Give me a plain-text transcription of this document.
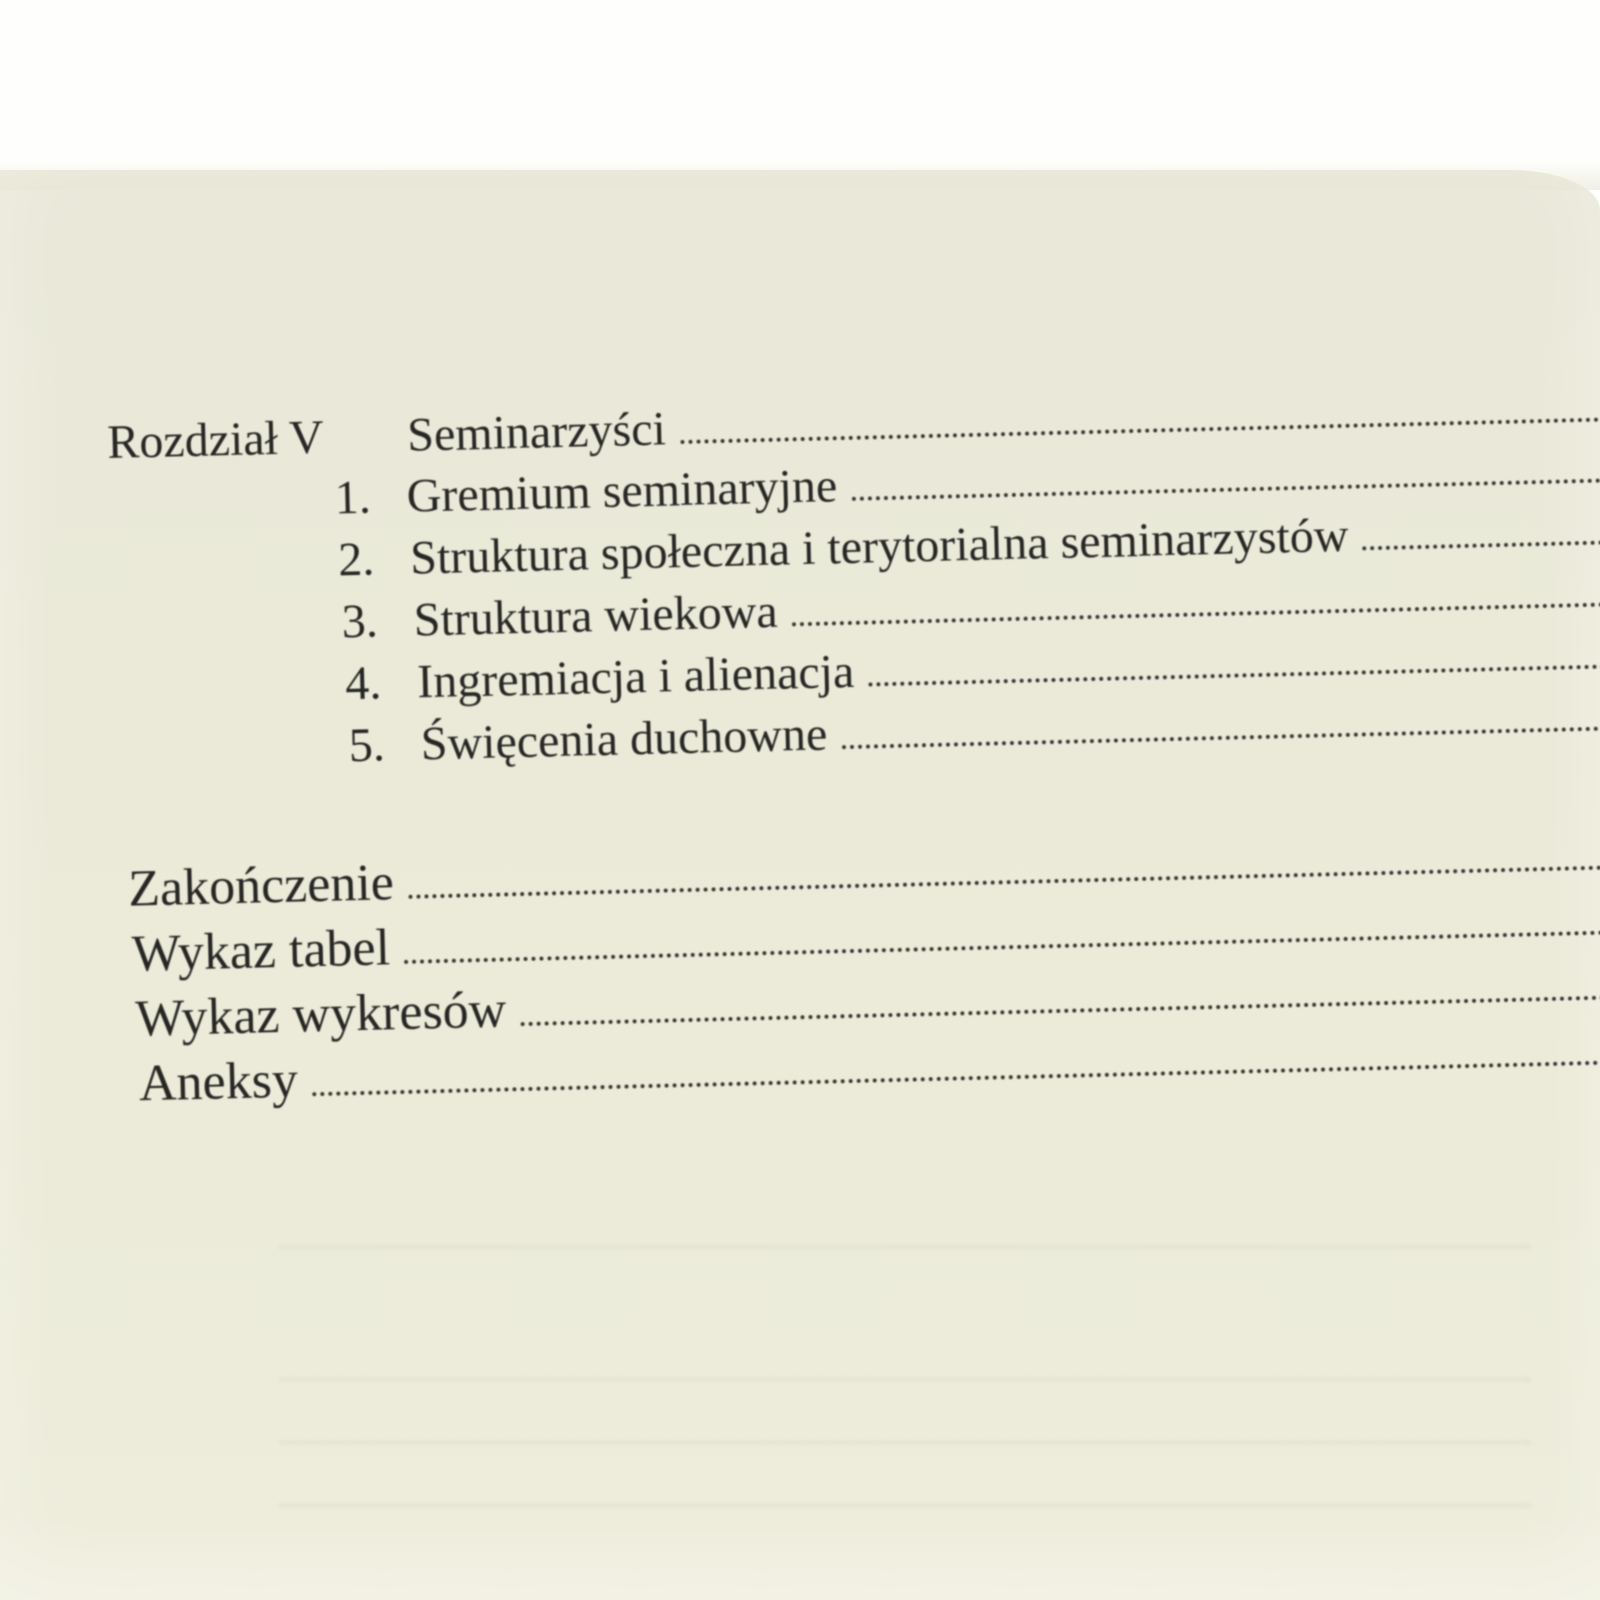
Rozdział V	Seminarzyści
1. Gremium seminaryjne
2. Struktura społeczna i terytorialna seminarzystów
3. Struktura wiekowa
4. Ingremiacja i alienacja
5. Święcenia duchowne
Zakończenie
Wykaz tabel
Wykaz wykresów
Aneksy
